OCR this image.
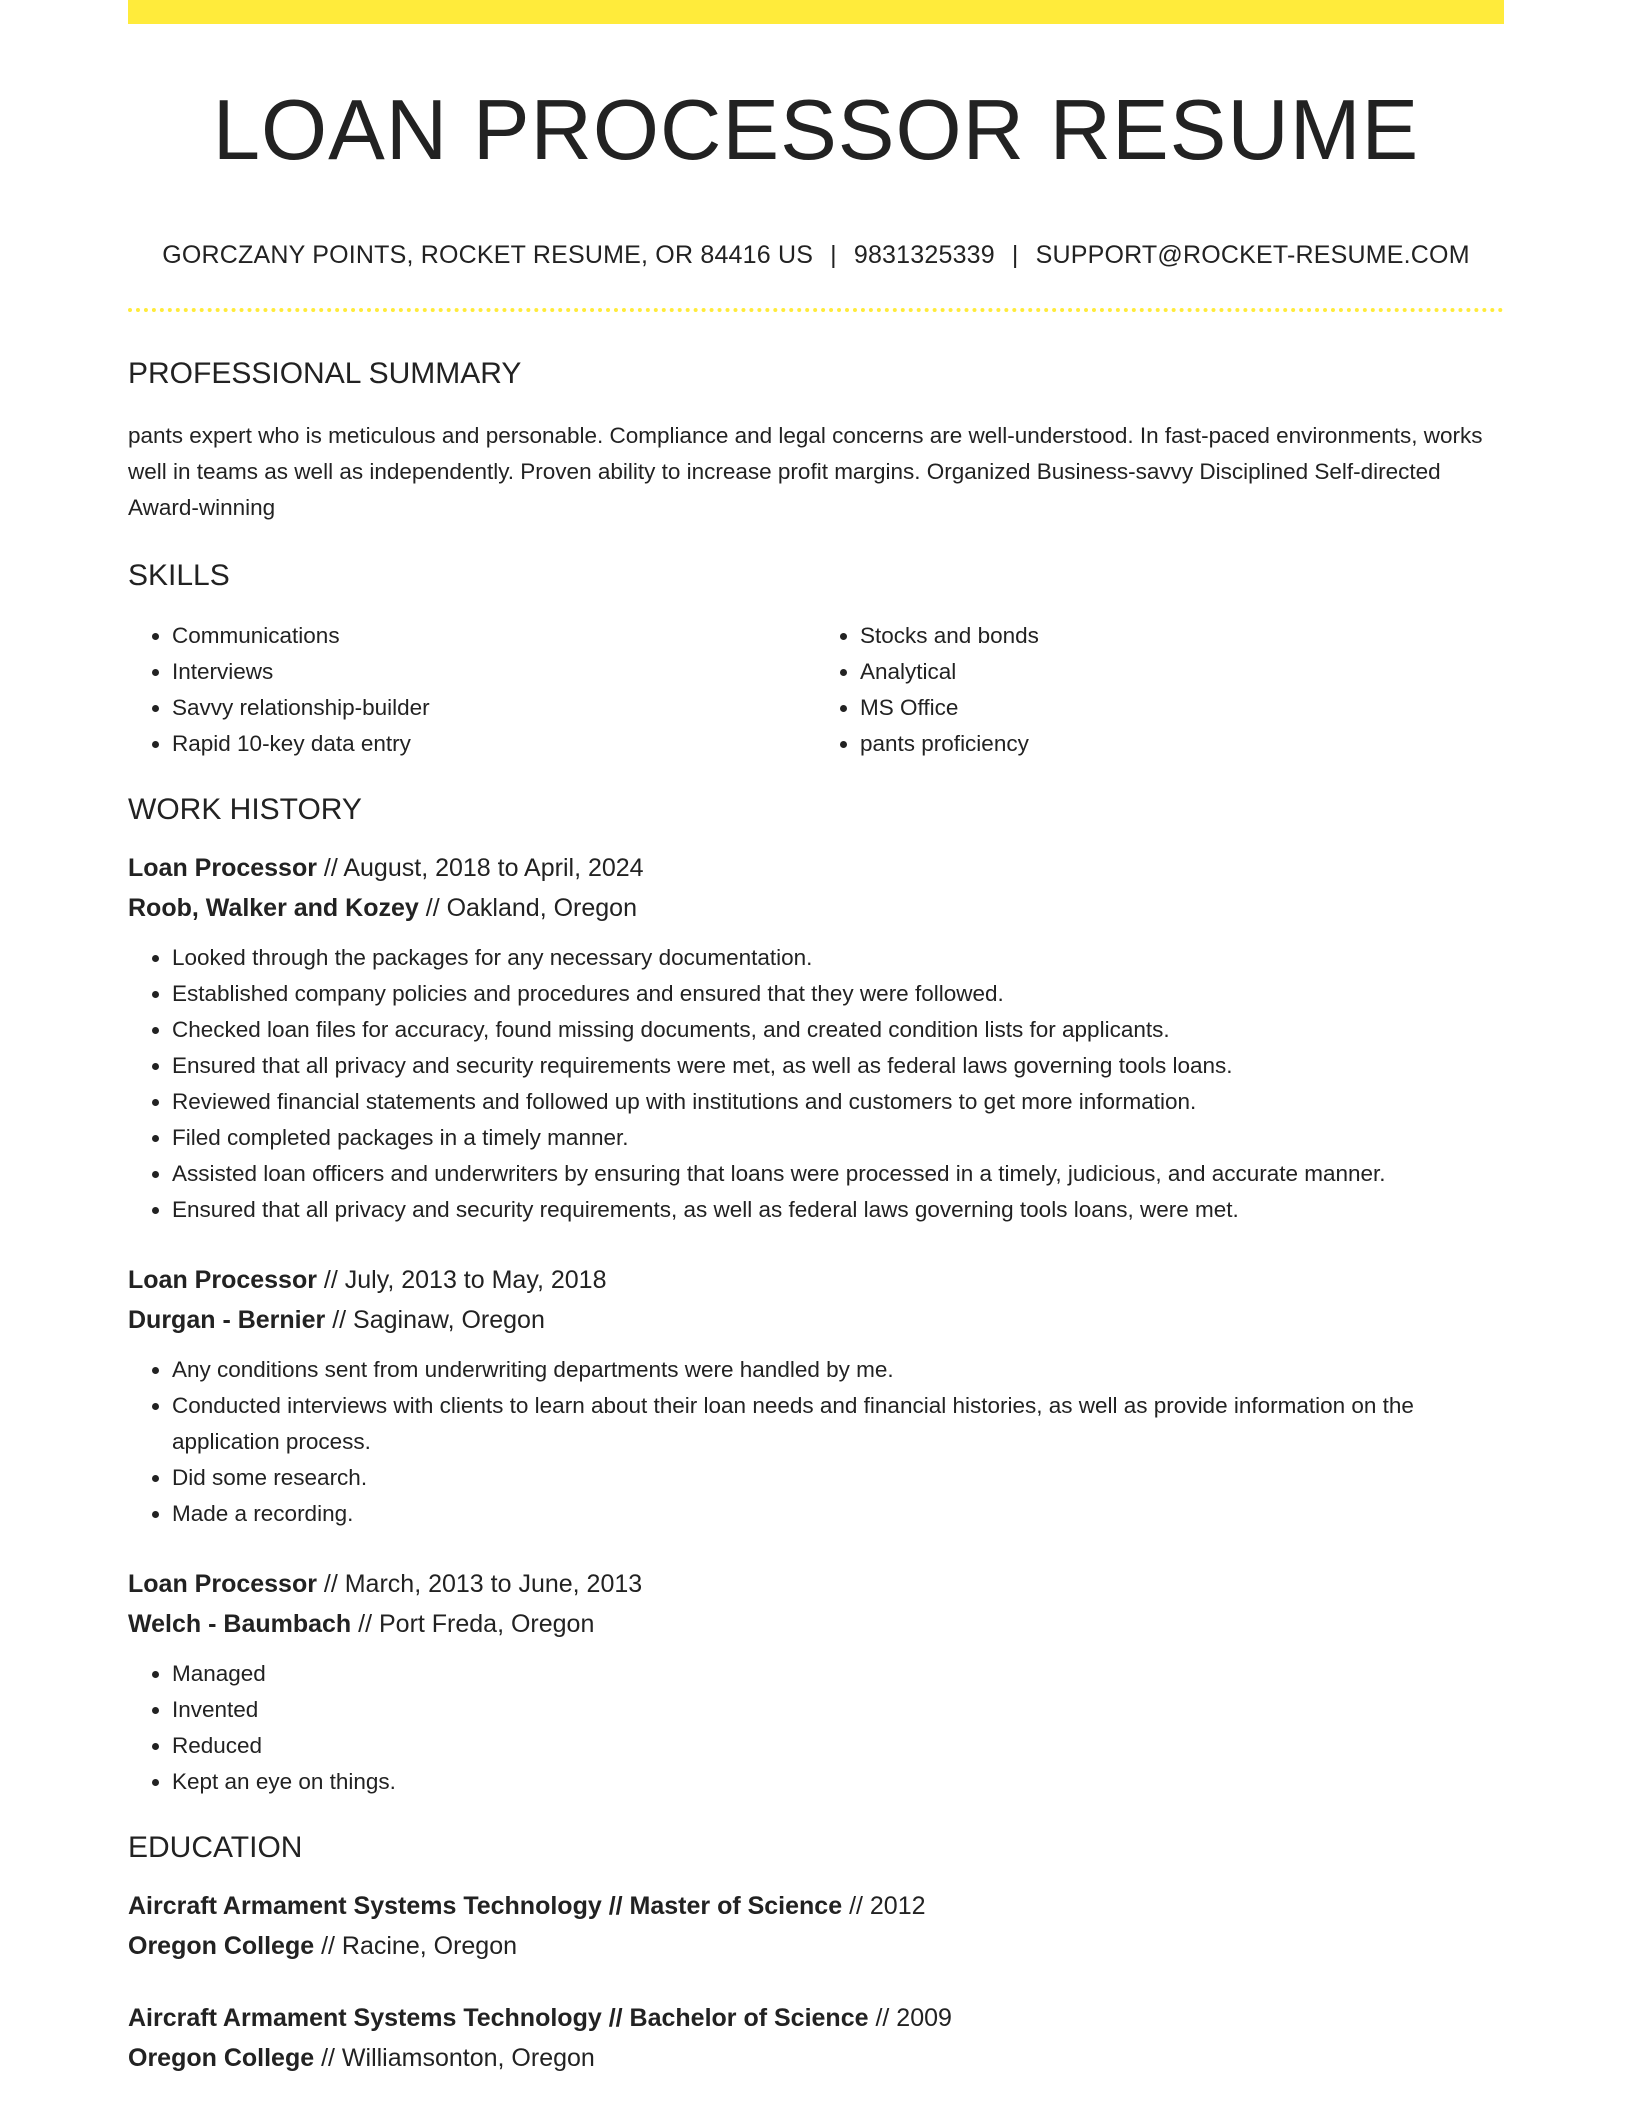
LOAN PROCESSOR RESUME
GORCZANY POINTS, ROCKET RESUME, OR 84416 US | 9831325339 | SUPPORT@ROCKET-RESUME.COM
PROFESSIONAL SUMMARY

pants expert who is meticulous and personable. Compliance and legal concerns are well-understood. In fast-paced environments, works well in teams as well as independently. Proven ability to increase profit margins. Organized Business-savvy Disciplined Self-directed Award-winning

SKILLS
• Communications
• Interviews
• Savvy relationship-builder
• Rapid 10-key data entry
• Stocks and bonds
• Analytical
• MS Office
• pants proficiency
WORK HISTORY
Loan Processor // August, 2018 to April, 2024
Roob, Walker and Kozey // Oakland, Oregon
• Looked through the packages for any necessary documentation.
• Established company policies and procedures and ensured that they were followed.
• Checked loan files for accuracy, found missing documents, and created condition lists for applicants.
• Ensured that all privacy and security requirements were met, as well as federal laws governing tools loans.
• Reviewed financial statements and followed up with institutions and customers to get more information.
• Filed completed packages in a timely manner.
• Assisted loan officers and underwriters by ensuring that loans were processed in a timely, judicious, and accurate manner.
• Ensured that all privacy and security requirements, as well as federal laws governing tools loans, were met.
Loan Processor // July, 2013 to May, 2018
Durgan - Bernier // Saginaw, Oregon
• Any conditions sent from underwriting departments were handled by me.
• Conducted interviews with clients to learn about their loan needs and financial histories, as well as provide information on the application process.
• Did some research.
• Made a recording.
Loan Processor // March, 2013 to June, 2013
Welch - Baumbach // Port Freda, Oregon
• Managed
• Invented
• Reduced
• Kept an eye on things.
EDUCATION
Aircraft Armament Systems Technology // Master of Science // 2012
Oregon College // Racine, Oregon
Aircraft Armament Systems Technology // Bachelor of Science // 2009
Oregon College // Williamsonton, Oregon
